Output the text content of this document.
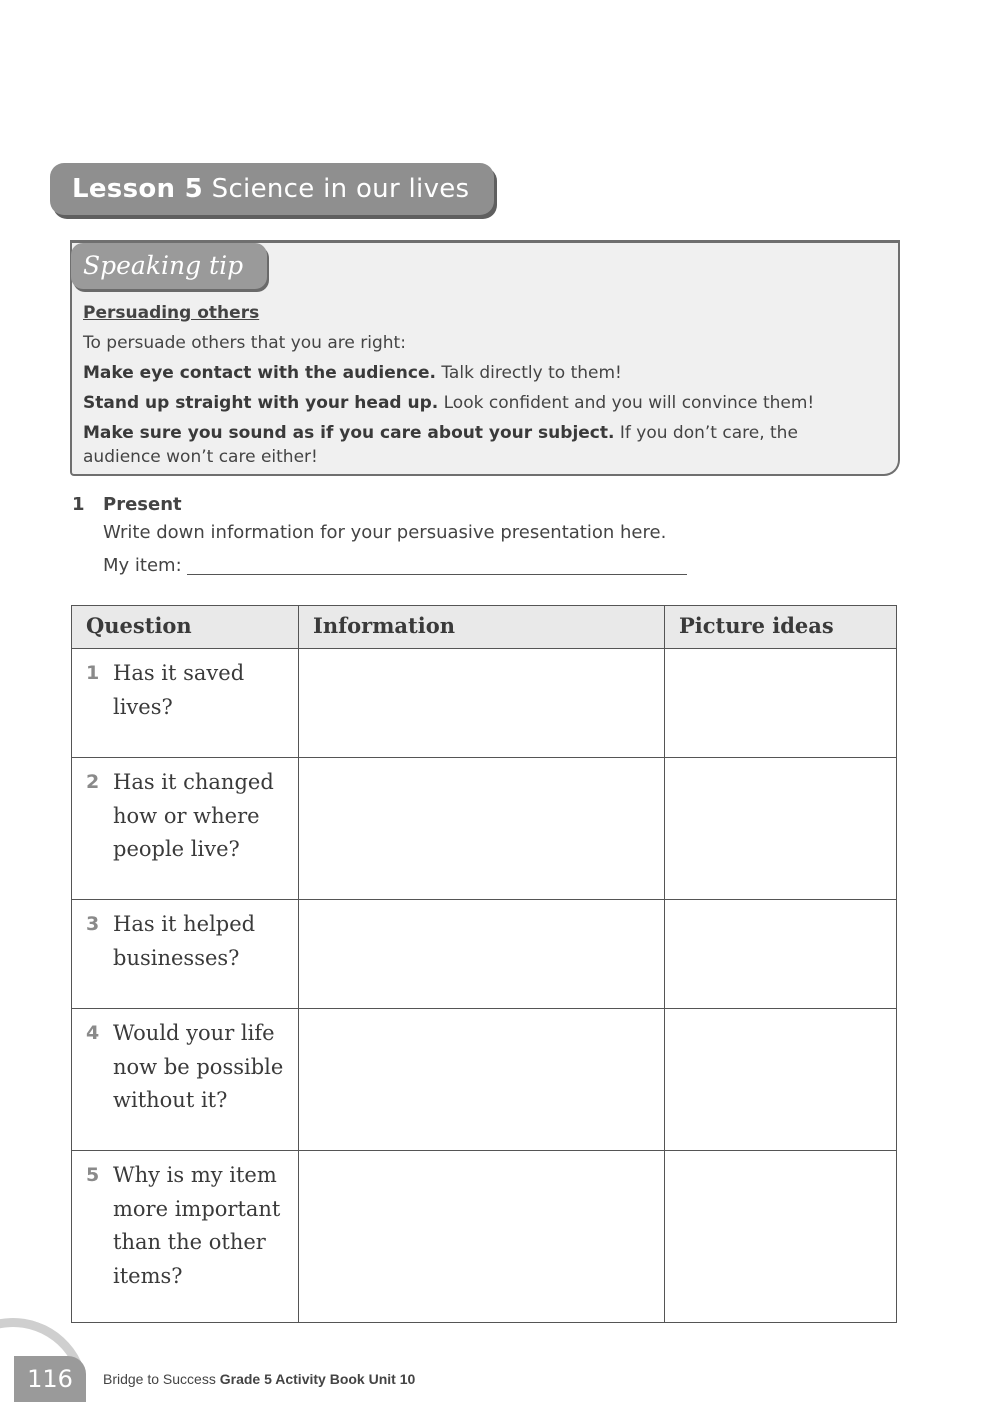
Lesson 5 Science in our lives
Speaking tip
Persuading others
To persuade others that you are right:
Make eye contact with the audience. Talk directly to them!
Stand up straight with your head up. Look confident and you will convince them!
Make sure you sound as if you care about your subject. If you don’t care, the audience won’t care either!
1 Present
Write down information for your persuasive presentation here.
My item:
Question	Information	Picture ideas

1 Has it saved lives?		

2 Has it changed how or where people live?		

3 Has it helped businesses?		

4 Would your life now be possible without it?		

5 Why is my item more important than the other items?		

116	Bridge to Success Grade 5 Activity Book Unit 10
